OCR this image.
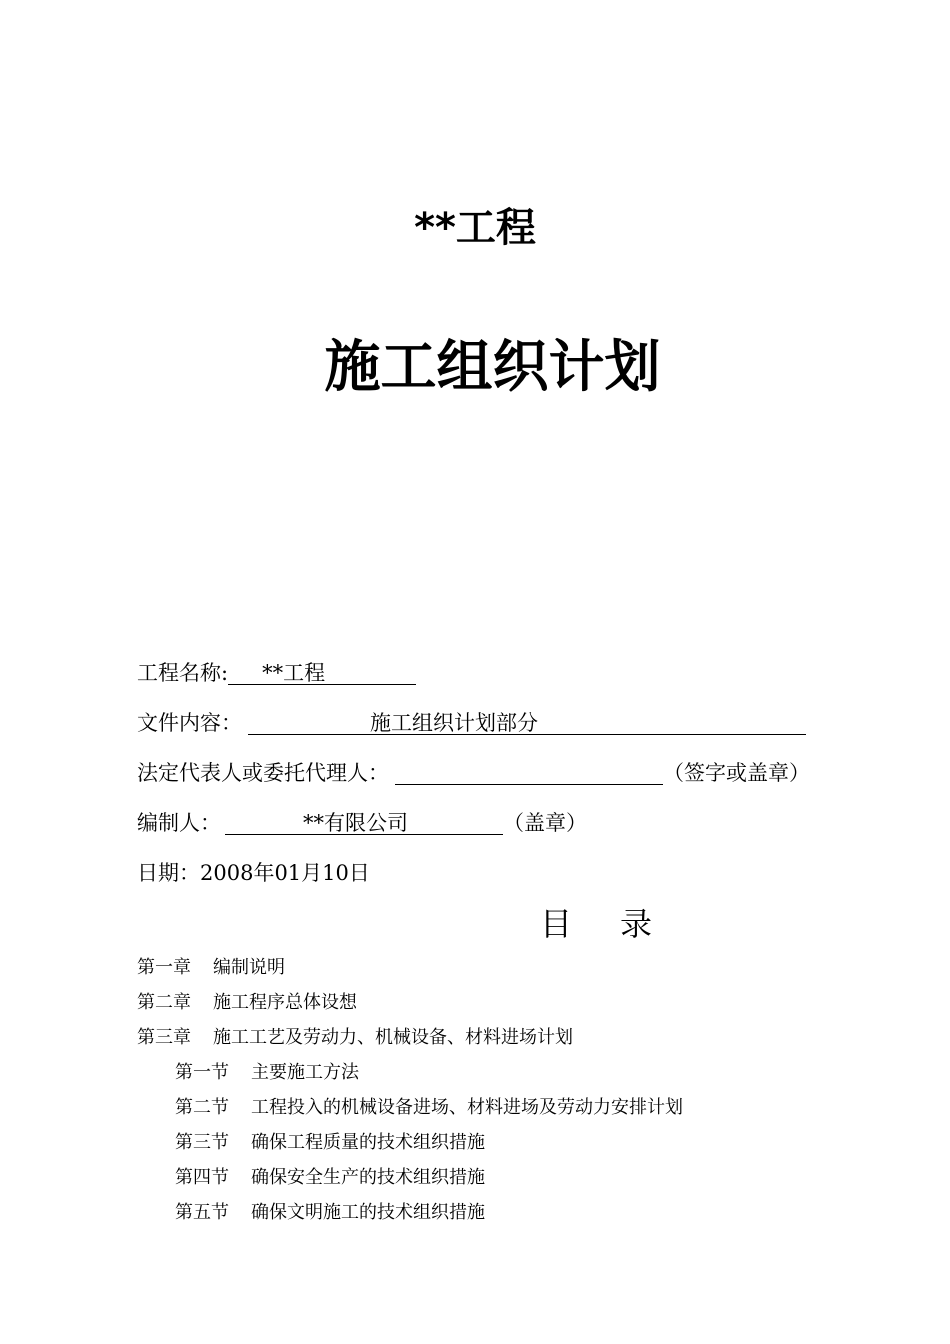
**工程
施工组织计划
工程名称: **工程
文件内容：	施工组织计划部分
法定代表人或委托代理人：	（签字或盖章）
编制人：	**有限公司	（盖章）
日期：2008年01月10日
目录
第一章 编制说明
第二章 施工程序总体设想
第三章 施工工艺及劳动力、机械设备、材料进场计划
第一节 主要施工方法
第二节 工程投入的机械设备进场、材料进场及劳动力安排计划
第三节 确保工程质量的技术组织措施
第四节 确保安全生产的技术组织措施
第五节 确保文明施工的技术组织措施
